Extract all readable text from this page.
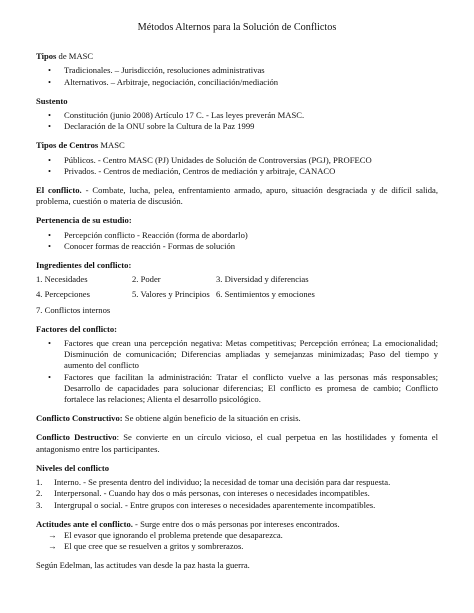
Métodos Alternos para la Solución de Conflictos
Tipos de MASC
• Tradicionales. – Jurisdicción, resoluciones administrativas
• Alternativos. – Arbitraje, negociación, conciliación/mediación
Sustento
• Constitución (junio 2008) Artículo 17 C. - Las leyes preverán MASC.
• Declaración de la ONU sobre la Cultura de la Paz 1999
Tipos de Centros MASC
• Públicos. - Centro MASC (PJ) Unidades de Solución de Controversias (PGJ), PROFECO
• Privados. - Centros de mediación, Centros de mediación y arbitraje, CANACO

El conflicto. - Combate, lucha, pelea, enfrentamiento armado, apuro, situación desgraciada y de difícil salida, problema, cuestión o materia de discusión.

Pertenencia de su estudio:
• Percepción conflicto - Reacción (forma de abordarlo)
• Conocer formas de reacción - Formas de solución
Ingredientes del conflicto:
1. Necesidades	2. Poder	3. Diversidad y diferencias
4. Percepciones	5. Valores y Principios 6. Sentimientos y emociones
7. Conflictos internos
Factores del conflicto:
• Factores que crean una percepción negativa: Metas competitivas; Percepción errónea; La emocionalidad; Disminución de comunicación; Diferencias ampliadas y semejanzas minimizadas; Paso del tiempo y aumento del conflicto
• Factores que facilitan la administración: Tratar el conflicto vuelve a las personas más responsables; Desarrollo de capacidades para solucionar diferencias; El conflicto es promesa de cambio; Conflicto fortalece las relaciones; Alienta el desarrollo psicológico.

Conflicto Constructivo: Se obtiene algún beneficio de la situación en crisis.

Conflicto Destructivo: Se convierte en un círculo vicioso, el cual perpetua en las hostilidades y fomenta el antagonismo entre los participantes.

Niveles del conflicto
1. Interno. - Se presenta dentro del individuo; la necesidad de tomar una decisión para dar respuesta.
2. Interpersonal. - Cuando hay dos o más personas, con intereses o necesidades incompatibles.
3. Intergrupal o social. - Entre grupos con intereses o necesidades aparentemente incompatibles.

Actitudes ante el conflicto. - Surge entre dos o más personas por intereses encontrados.

→ El evasor que ignorando el problema pretende que desaparezca.
→ El que cree que se resuelven a gritos y sombrerazos.

Según Edelman, las actitudes van desde la paz hasta la guerra.
